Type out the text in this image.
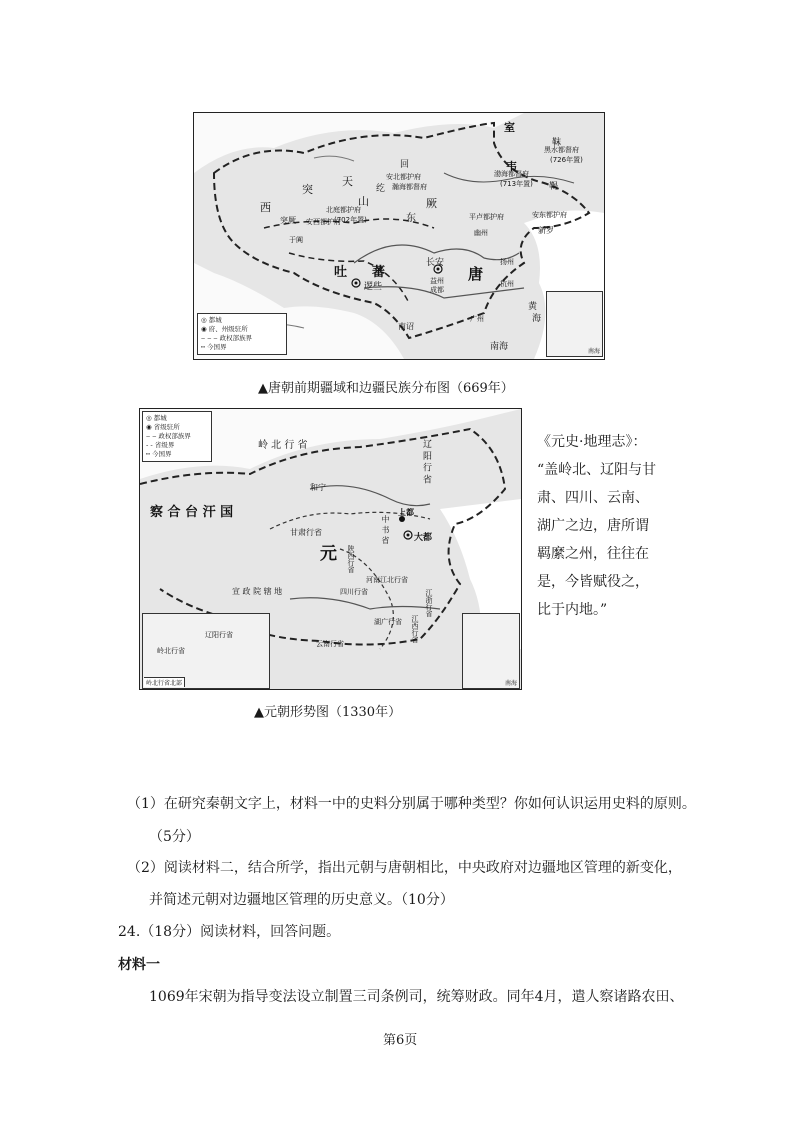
室
韦
靺
鞨
黑水都督府
(726年置)
回
纥
安北都护府
瀚海都督府
渤海都督府
(713年置)
突
厥
东
天
山
西
突厥
北庭都护府
(702年置)
安西都护府
于阗
平卢都护府
幽州
安东都护府
新罗
吐 蕃
逻些
长安
唐
扬州
益州
成都
杭州
广州
南诏
南海
黄
海
◎ 都城
◉ 府、州级驻所
‒ ‒ ‒ 政权部族界
┅ 今国界
南海
▲唐朝前期疆域和边疆民族分布图（669年）
◎ 都城
◉ 省级驻所
‒ ‒ 政权部族界
- - 省级界
┅ 今国界
岭 北 行 省
和宁
辽 阳 行 省
察 合 台 汗 国	上都
大都
中 书 省
元
甘肃行省
陕西行省
宣 政 院 辖 地
河南江北行省
江浙行省
四川行省
湖广行省 江西行省
云南行省
辽阳行省
岭北行省
岭北行省北部	南海
《元史·地理志》：
“盖岭北、辽阳与甘
肃、四川、云南、
湖广之边，唐所谓
羁縻之州，往往在
是，今皆赋役之，
比于内地。”
▲元朝形势图（1330年）
（1）在研究秦朝文字上，材料一中的史料分别属于哪种类型？你如何认识运用史料的原则。
（5分）
（2）阅读材料二，结合所学，指出元朝与唐朝相比，中央政府对边疆地区管理的新变化，
并简述元朝对边疆地区管理的历史意义。（10分）
24.（18分）阅读材料，回答问题。
材料一
1069年宋朝为指导变法设立制置三司条例司，统筹财政。同年4月，遣人察诸路农田、
第6页
